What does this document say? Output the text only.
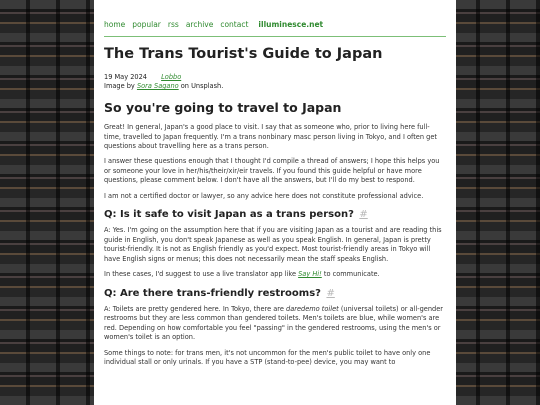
home popular rss archive contact illuminesce.net
The Trans Tourist's Guide to Japan
19 May 2024 Lobbo
Image by Sora Sagano on Unsplash.
So you're going to travel to Japan

Great! In general, Japan's a good place to visit. I say that as someone who, prior to living here full-time, travelled to Japan frequently. I'm a trans nonbinary masc person living in Tokyo, and I often get questions about travelling here as a trans person.

I answer these questions enough that I thought I'd compile a thread of answers; I hope this helps you or someone your love in her/his/their/xir/eir travels. If you found this guide helpful or have more questions, please comment below. I don't have all the answers, but I'll do my best to respond.

I am not a certified doctor or lawyer, so any advice here does not constitute professional advice.

Q: Is it safe to visit Japan as a trans person? #

A: Yes. I'm going on the assumption here that if you are visiting Japan as a tourist and are reading this guide in English, you don't speak Japanese as well as you speak English. In general, Japan is pretty tourist-friendly. It is not as English friendly as you'd expect. Most tourist-friendly areas in Tokyo will have English signs or menus; this does not necessarily mean the staff speaks English.

In these cases, I'd suggest to use a live translator app like Say Hi! to communicate.

Q: Are there trans-friendly restrooms? #

A: Toilets are pretty gendered here. In Tokyo, there are daredemo toilet (universal toilets) or all-gender restrooms but they are less common than gendered toilets. Men's toilets are blue, while women's are red. Depending on how comfortable you feel "passing" in the gendered restrooms, using the men's or women's toilet is an option.

Some things to note: for trans men, it's not uncommon for the men's public toilet to have only one individual stall or only urinals. If you have a STP (stand-to-pee) device, you may want to
